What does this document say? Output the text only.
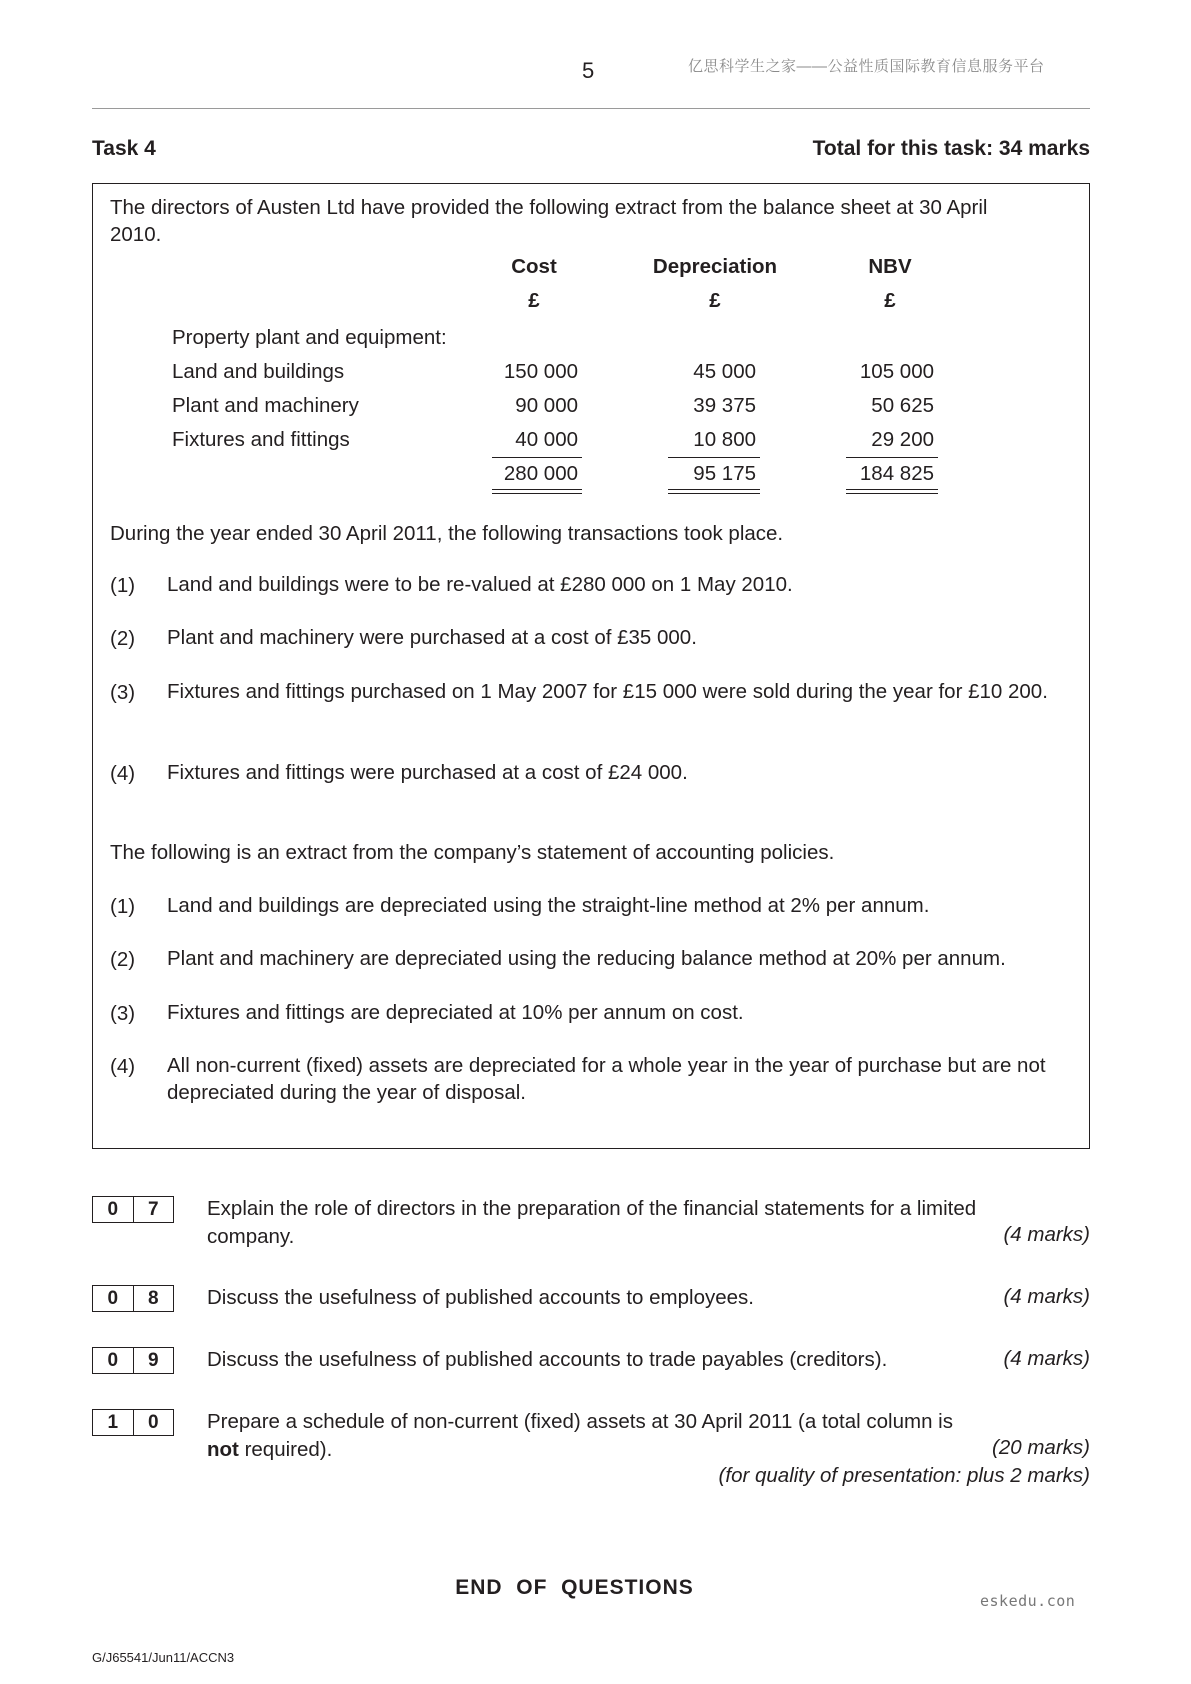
5	亿思科学生之家——公益性质国际教育信息服务平台
Task 4	Total for this task: 34 marks
The directors of Austen Ltd have provided the following extract from the balance sheet at 30 April 2010.
Cost	Depreciation	NBV
£	£	£
Property plant and equipment:
Land and buildings	150 000	45 000	105 000
Plant and machinery	90 000	39 375	50 625
Fixtures and fittings	40 000	10 800	29 200
280 000	95 175	184 825
During the year ended 30 April 2011, the following transactions took place.
(1) Land and buildings were to be re-valued at £280 000 on 1 May 2010.
(2) Plant and machinery were purchased at a cost of £35 000.
(3) Fixtures and fittings purchased on 1 May 2007 for £15 000 were sold during the year for £10 200.
(4) Fixtures and fittings were purchased at a cost of £24 000.
The following is an extract from the company’s statement of accounting policies.
(1) Land and buildings are depreciated using the straight-line method at 2% per annum.
(2) Plant and machinery are depreciated using the reducing balance method at 20% per annum.
(3) Fixtures and fittings are depreciated at 10% per annum on cost.
(4) All non-current (fixed) assets are depreciated for a whole year in the year of purchase but are not depreciated during the year of disposal.
0	7	Explain the role of directors in the preparation of the financial statements for a limited company.	(4 marks)
0	8	Discuss the usefulness of published accounts to employees.	(4 marks)
0	9	Discuss the usefulness of published accounts to trade payables (creditors).	(4 marks)
1	0	Prepare a schedule of non-current (fixed) assets at 30 April 2011 (a total column is
not required).	(20 marks)
(for quality of presentation: plus 2 marks)
END  OF  QUESTIONS
eskedu.con
G/J65541/Jun11/ACCN3
